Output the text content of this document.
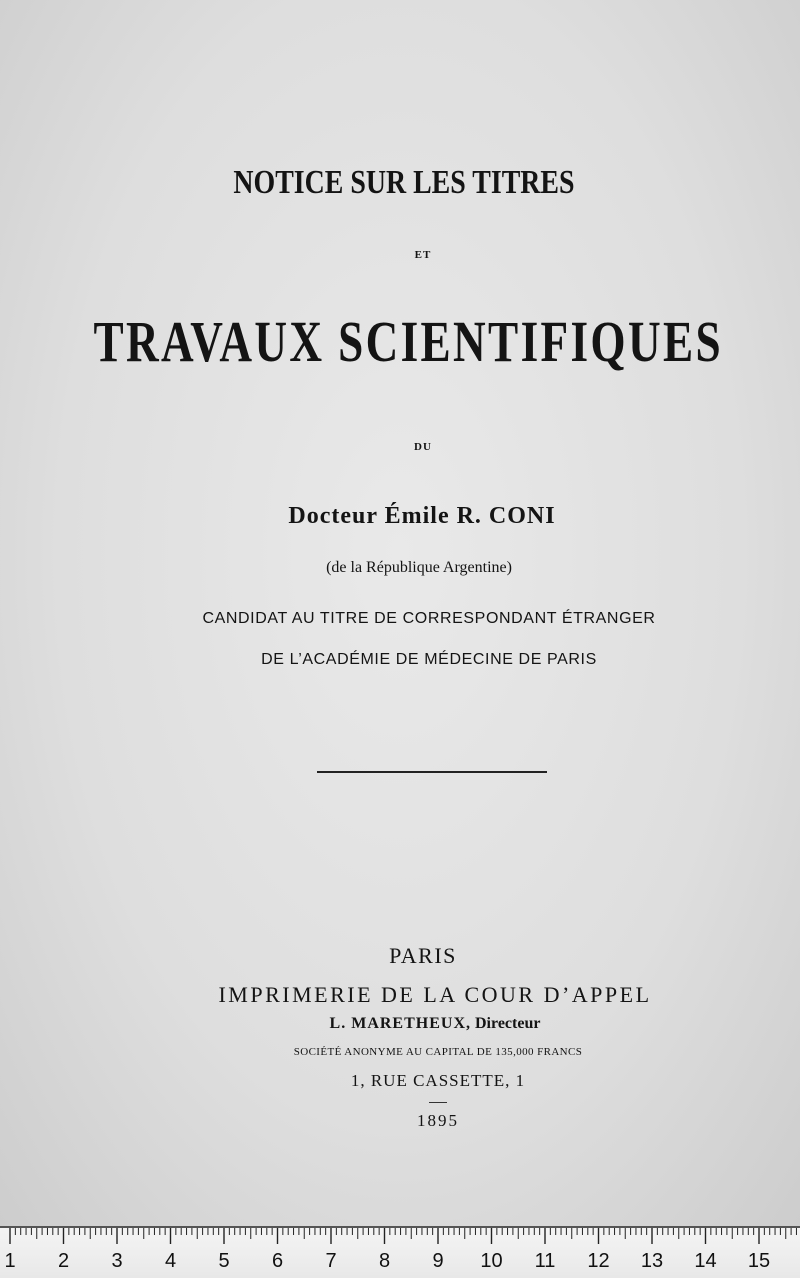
NOTICE SUR LES TITRES
ET
TRAVAUX SCIENTIFIQUES
DU
Docteur Émile R. CONI
(de la République Argentine)
CANDIDAT AU TITRE DE CORRESPONDANT ÉTRANGER
DE L’ACADÉMIE DE MÉDECINE DE PARIS
PARIS
IMPRIMERIE DE LA COUR D’APPEL
L. MARETHEUX, Directeur
SOCIÉTÉ ANONYME AU CAPITAL DE 135,000 FRANCS
1, RUE CASSETTE, 1
1895
1 2 3 4 5 6 7 8 9 10 11 12 13 14 15
